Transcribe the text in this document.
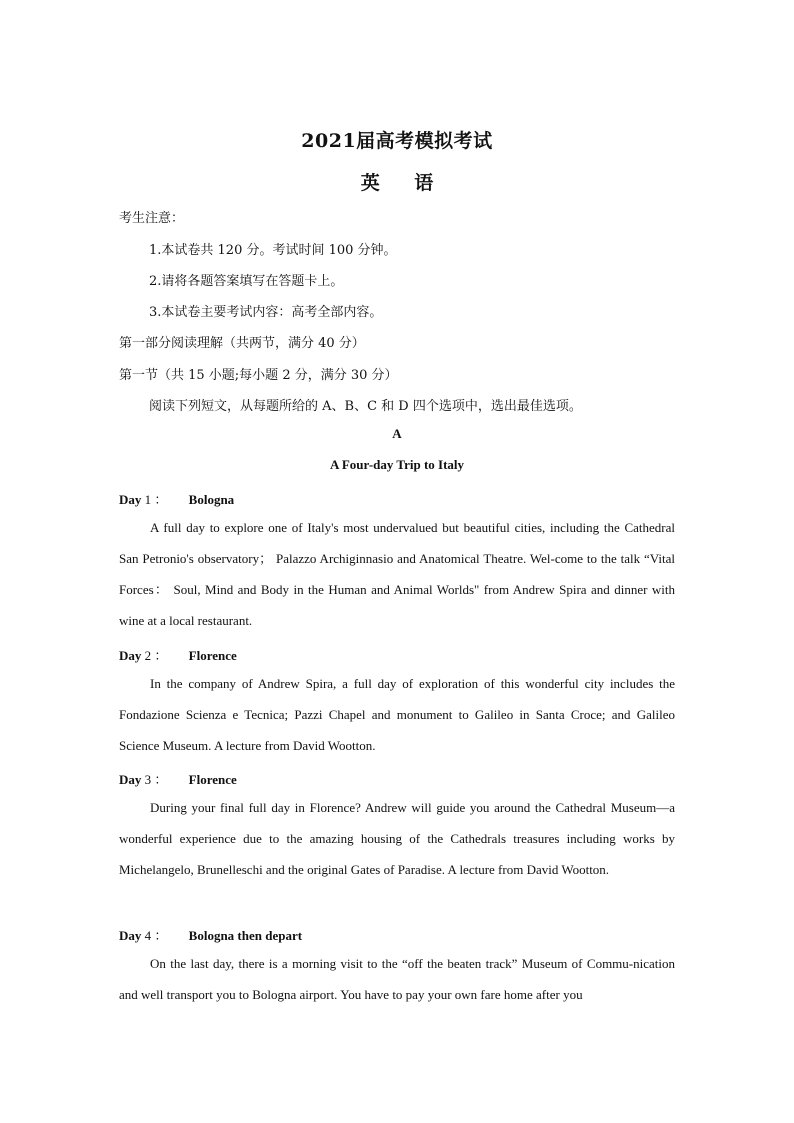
2021届高考模拟考试
英 语
考生注意：
1.本试卷共 120 分。考试时间 100 分钟。
2.请将各题答案填写在答题卡上。
3.本试卷主要考试内容：高考全部内容。
第一部分阅读理解（共两节，满分 40 分）
第一节（共 15 小题;每小题 2 分，满分 30 分）
阅读下列短文，从每题所给的 A、B、C 和 D 四个选项中，选出最佳选项。
A
A Four-day Trip to Italy
Day 1 ： Bologna
A full day to explore one of Italy's most undervalued but beautiful cities, including the Cathedral San Petronio's observatory； Palazzo Archiginnasio and Anatomical Theatre. Wel-come to the talk “Vital Forces： Soul, Mind and Body in the Human and Animal Worlds" from Andrew Spira and dinner with wine at a local restaurant.
Day 2 ： Florence
In the company of Andrew Spira, a full day of exploration of this wonderful city includes the Fondazione Scienza e Tecnica; Pazzi Chapel and monument to Galileo in Santa Croce; and Galileo Science Museum. A lecture from David Wootton.
Day 3 ： Florence
During your final full day in Florence? Andrew will guide you around the Cathedral Museum—a wonderful experience due to the amazing housing of the Cathedrals treasures including works by Michelangelo, Brunelleschi and the original Gates of Paradise. A lecture from David Wootton.
Day 4 ： Bologna then depart
On the last day, there is a morning visit to the “off the beaten track” Museum of Commu-nication and well transport you to Bologna airport. You have to pay your own fare home after you
